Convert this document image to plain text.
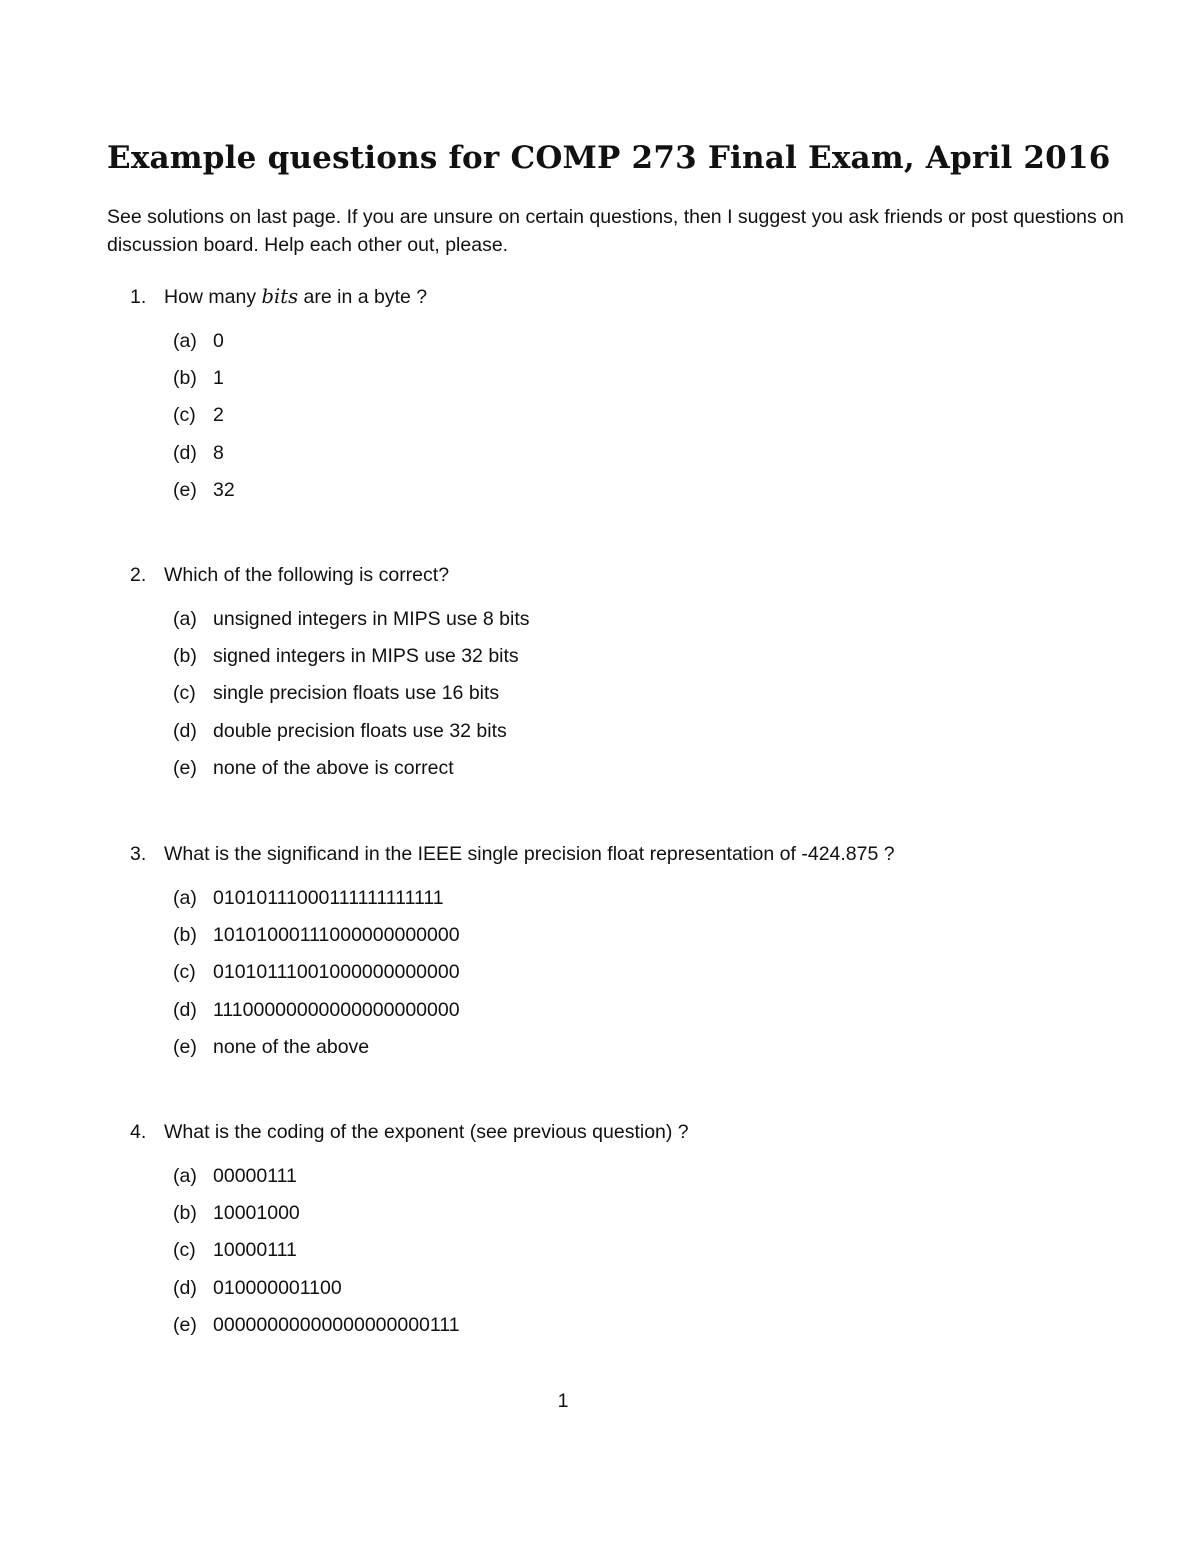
Example questions for COMP 273 Final Exam, April 2016

See solutions on last page. If you are unsure on certain questions, then I suggest you ask friends or post questions on discussion board. Help each other out, please.

1. How many bits are in a byte ?
(a) 0
(b) 1
(c) 2
(d) 8
(e) 32
2. Which of the following is correct?
(a) unsigned integers in MIPS use 8 bits
(b) signed integers in MIPS use 32 bits
(c) single precision floats use 16 bits
(d) double precision floats use 32 bits
(e) none of the above is correct
3. What is the significand in the IEEE single precision float representation of -424.875 ?
(a) 01010111000111111111111
(b) 10101000111000000000000
(c) 01010111001000000000000
(d) 11100000000000000000000
(e) none of the above
4. What is the coding of the exponent (see previous question) ?
(a) 00000111
(b) 10001000
(c) 10000111
(d) 010000001100
(e) 00000000000000000000111
1
